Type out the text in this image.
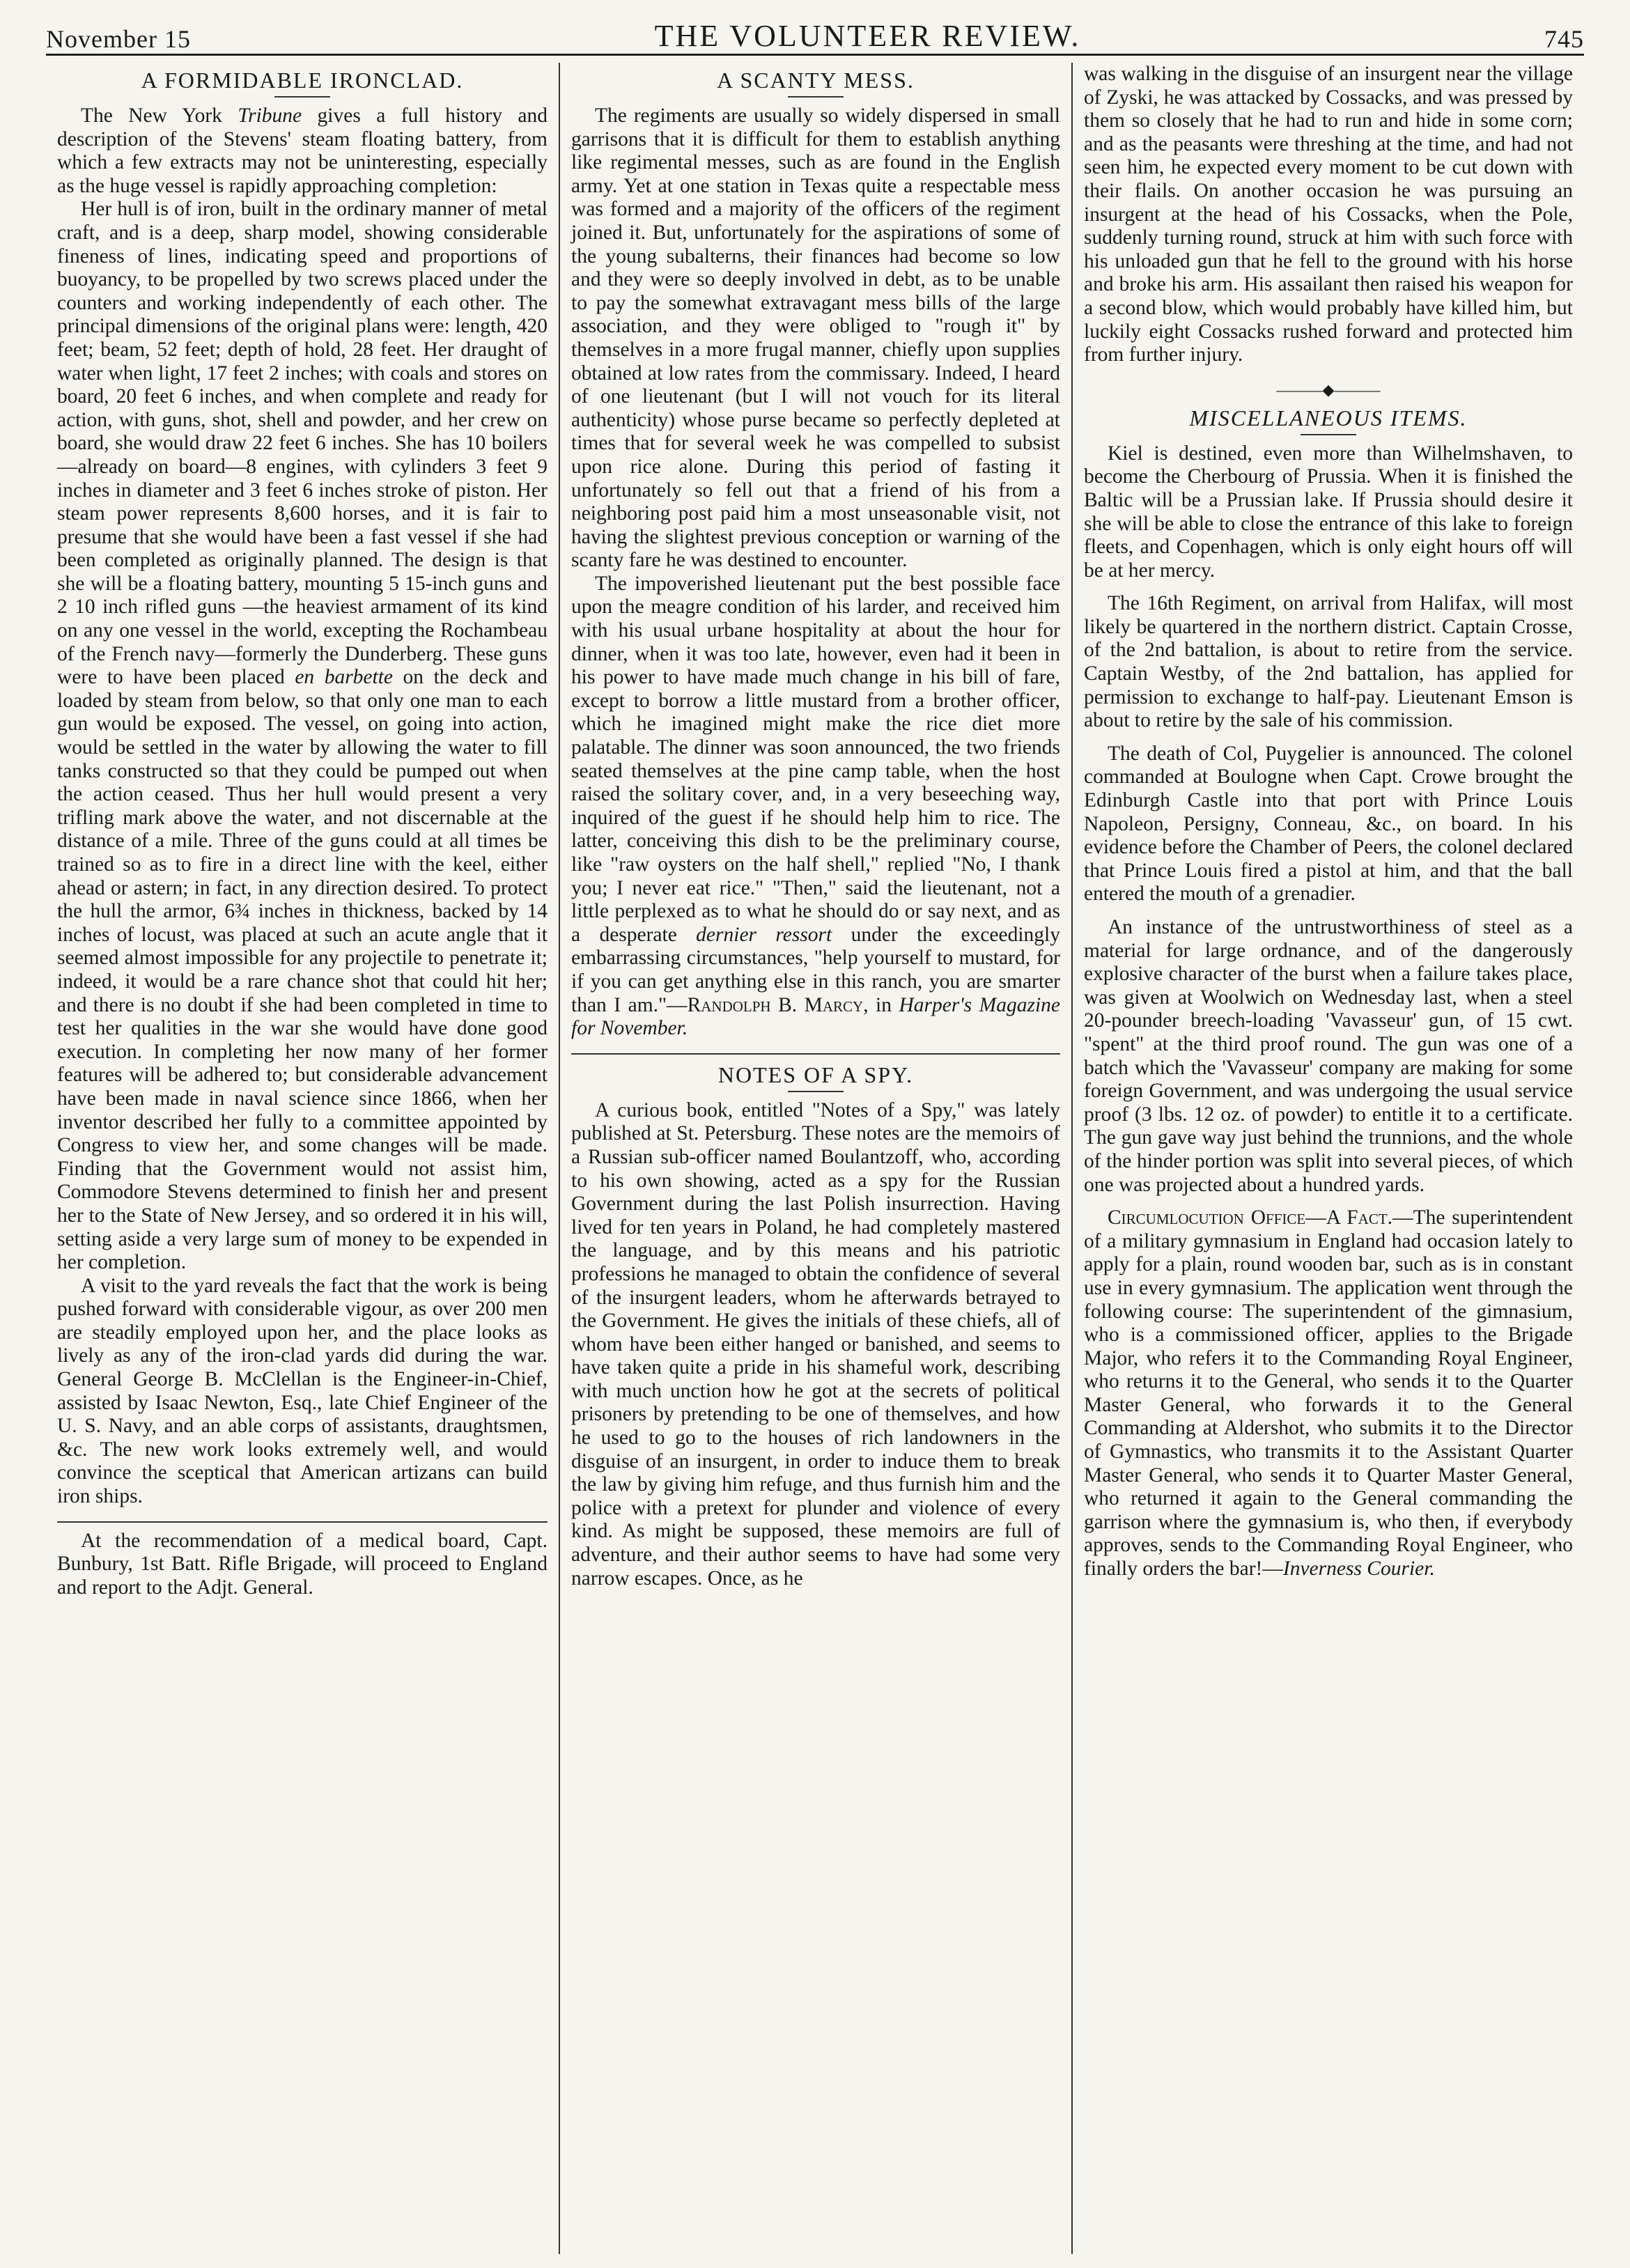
November 15	THE VOLUNTEER REVIEW.	745
A FORMIDABLE IRONCLAD.

The New York Tribune gives a full history and description of the Stevens' steam floating battery, from which a few extracts may not be uninteresting, especially as the huge vessel is rapidly approaching completion:

Her hull is of iron, built in the ordinary manner of metal craft, and is a deep, sharp model, showing considerable fineness of lines, indicating speed and proportions of buoyancy, to be propelled by two screws placed under the counters and working independently of each other. The principal dimensions of the original plans were: length, 420 feet; beam, 52 feet; depth of hold, 28 feet. Her draught of water when light, 17 feet 2 inches; with coals and stores on board, 20 feet 6 inches, and when complete and ready for action, with guns, shot, shell and powder, and her crew on board, she would draw 22 feet 6 inches. She has 10 boilers—already on board—8 engines, with cylinders 3 feet 9 inches in diameter and 3 feet 6 inches stroke of piston. Her steam power represents 8,600 horses, and it is fair to presume that she would have been a fast vessel if she had been completed as originally planned. The design is that she will be a floating battery, mounting 5 15-inch guns and 2 10 inch rifled guns —the heaviest armament of its kind on any one vessel in the world, excepting the Rochambeau of the French navy—formerly the Dunderberg. These guns were to have been placed en barbette on the deck and loaded by steam from below, so that only one man to each gun would be exposed. The vessel, on going into action, would be settled in the water by allowing the water to fill tanks constructed so that they could be pumped out when the action ceased. Thus her hull would present a very trifling mark above the water, and not discernable at the distance of a mile. Three of the guns could at all times be trained so as to fire in a direct line with the keel, either ahead or astern; in fact, in any direction desired. To protect the hull the armor, 6¾ inches in thickness, backed by 14 inches of locust, was placed at such an acute angle that it seemed almost impossible for any projectile to penetrate it; indeed, it would be a rare chance shot that could hit her; and there is no doubt if she had been completed in time to test her qualities in the war she would have done good execution. In completing her now many of her former features will be adhered to; but considerable advancement have been made in naval science since 1866, when her inventor described her fully to a committee appointed by Congress to view her, and some changes will be made. Finding that the Government would not assist him, Commodore Stevens determined to finish her and present her to the State of New Jersey, and so ordered it in his will, setting aside a very large sum of money to be expended in her completion.

A visit to the yard reveals the fact that the work is being pushed forward with considerable vigour, as over 200 men are steadily employed upon her, and the place looks as lively as any of the iron-clad yards did during the war. General George B. McClellan is the Engineer-in-Chief, assisted by Isaac Newton, Esq., late Chief Engineer of the U. S. Navy, and an able corps of assistants, draughtsmen, &c. The new work looks extremely well, and would convince the sceptical that American artizans can build iron ships.

At the recommendation of a medical board, Capt. Bunbury, 1st Batt. Rifle Brigade, will proceed to England and report to the Adjt. General.

A SCANTY MESS.

The regiments are usually so widely dispersed in small garrisons that it is difficult for them to establish anything like regimental messes, such as are found in the English army. Yet at one station in Texas quite a respectable mess was formed and a majority of the officers of the regiment joined it. But, unfortunately for the aspirations of some of the young subalterns, their finances had become so low and they were so deeply involved in debt, as to be unable to pay the somewhat extravagant mess bills of the large association, and they were obliged to "rough it" by themselves in a more frugal manner, chiefly upon supplies obtained at low rates from the commissary. Indeed, I heard of one lieutenant (but I will not vouch for its literal authenticity) whose purse became so perfectly depleted at times that for several week he was compelled to subsist upon rice alone. During this period of fasting it unfortunately so fell out that a friend of his from a neighboring post paid him a most unseasonable visit, not having the slightest previous conception or warning of the scanty fare he was destined to encounter.

The impoverished lieutenant put the best possible face upon the meagre condition of his larder, and received him with his usual urbane hospitality at about the hour for dinner, when it was too late, however, even had it been in his power to have made much change in his bill of fare, except to borrow a little mustard from a brother officer, which he imagined might make the rice diet more palatable. The dinner was soon announced, the two friends seated themselves at the pine camp table, when the host raised the solitary cover, and, in a very beseeching way, inquired of the guest if he should help him to rice. The latter, conceiving this dish to be the preliminary course, like "raw oysters on the half shell," replied "No, I thank you; I never eat rice." "Then," said the lieutenant, not a little perplexed as to what he should do or say next, and as a desperate dernier ressort under the exceedingly embarrassing circumstances, "help yourself to mustard, for if you can get anything else in this ranch, you are smarter than I am."—Randolph B. Marcy, in Harper's Magazine for November.

NOTES OF A SPY.

A curious book, entitled "Notes of a Spy," was lately published at St. Petersburg. These notes are the memoirs of a Russian sub-officer named Boulantzoff, who, according to his own showing, acted as a spy for the Russian Government during the last Polish insurrection. Having lived for ten years in Poland, he had completely mastered the language, and by this means and his patriotic professions he managed to obtain the confidence of several of the insurgent leaders, whom he afterwards betrayed to the Government. He gives the initials of these chiefs, all of whom have been either hanged or banished, and seems to have taken quite a pride in his shameful work, describing with much unction how he got at the secrets of political prisoners by pretending to be one of themselves, and how he used to go to the houses of rich landowners in the disguise of an insurgent, in order to induce them to break the law by giving him refuge, and thus furnish him and the police with a pretext for plunder and violence of every kind. As might be supposed, these memoirs are full of adventure, and their author seems to have had some very narrow escapes. Once, as he

was walking in the disguise of an insurgent near the village of Zyski, he was attacked by Cossacks, and was pressed by them so closely that he had to run and hide in some corn; and as the peasants were threshing at the time, and had not seen him, he expected every moment to be cut down with their flails. On another occasion he was pursuing an insurgent at the head of his Cossacks, when the Pole, suddenly turning round, struck at him with such force with his unloaded gun that he fell to the ground with his horse and broke his arm. His assailant then raised his weapon for a second blow, which would probably have killed him, but luckily eight Cossacks rushed forward and protected him from further injury.

———◆———
MISCELLANEOUS ITEMS.

Kiel is destined, even more than Wilhelmshaven, to become the Cherbourg of Prussia. When it is finished the Baltic will be a Prussian lake. If Prussia should desire it she will be able to close the entrance of this lake to foreign fleets, and Copenhagen, which is only eight hours off will be at her mercy.

The 16th Regiment, on arrival from Halifax, will most likely be quartered in the northern district. Captain Crosse, of the 2nd battalion, is about to retire from the service. Captain Westby, of the 2nd battalion, has applied for permission to exchange to half-pay. Lieutenant Emson is about to retire by the sale of his commission.

The death of Col, Puygelier is announced. The colonel commanded at Boulogne when Capt. Crowe brought the Edinburgh Castle into that port with Prince Louis Napoleon, Persigny, Conneau, &c., on board. In his evidence before the Chamber of Peers, the colonel declared that Prince Louis fired a pistol at him, and that the ball entered the mouth of a grenadier.

An instance of the untrustworthiness of steel as a material for large ordnance, and of the dangerously explosive character of the burst when a failure takes place, was given at Woolwich on Wednesday last, when a steel 20-pounder breech-loading 'Vavasseur' gun, of 15 cwt. "spent" at the third proof round. The gun was one of a batch which the 'Vavasseur' company are making for some foreign Government, and was undergoing the usual service proof (3 lbs. 12 oz. of powder) to entitle it to a certificate. The gun gave way just behind the trunnions, and the whole of the hinder portion was split into several pieces, of which one was projected about a hundred yards.

Circumlocution Office—A Fact.—The superintendent of a military gymnasium in England had occasion lately to apply for a plain, round wooden bar, such as is in constant use in every gymnasium. The application went through the following course: The superintendent of the gimnasium, who is a commissioned officer, applies to the Brigade Major, who refers it to the Commanding Royal Engineer, who returns it to the General, who sends it to the Quarter Master General, who forwards it to the General Commanding at Aldershot, who submits it to the Director of Gymnastics, who transmits it to the Assistant Quarter Master General, who sends it to Quarter Master General, who returned it again to the General commanding the garrison where the gymnasium is, who then, if everybody approves, sends to the Commanding Royal Engineer, who finally orders the bar!—Inverness Courier.
